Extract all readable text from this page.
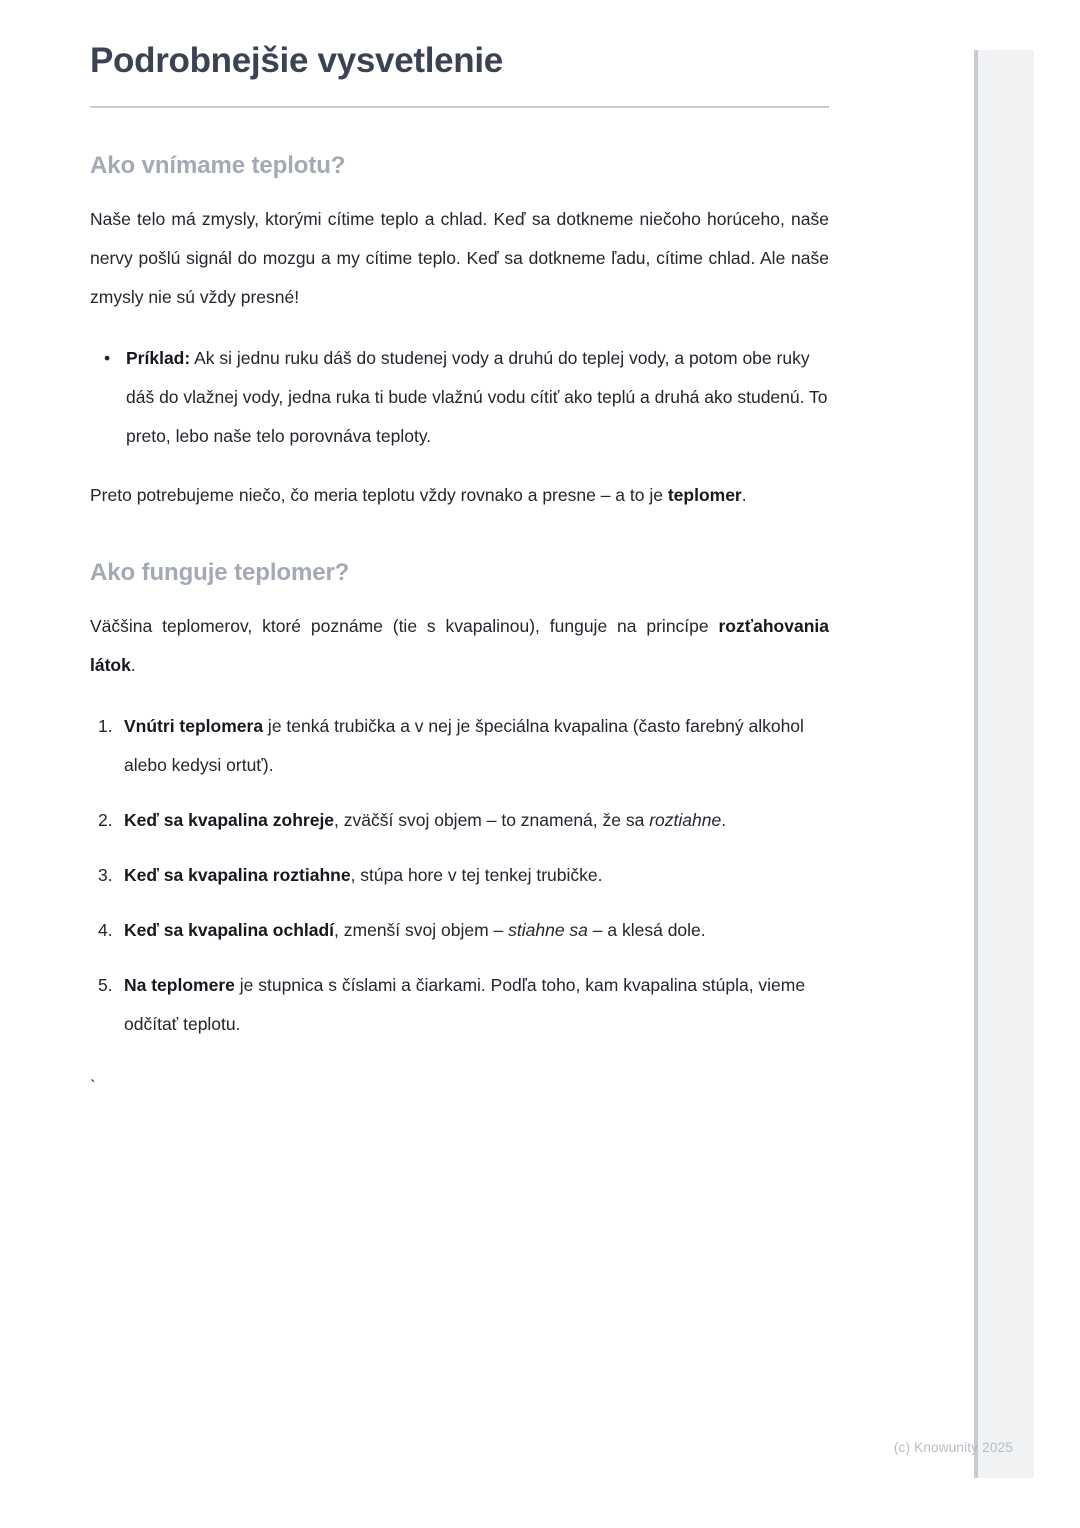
Podrobnejšie vysvetlenie
Ako vnímame teplotu?

Naše telo má zmysly, ktorými cítime teplo a chlad. Keď sa dotkneme niečoho horúceho, naše nervy pošlú signál do mozgu a my cítime teplo. Keď sa dotkneme ľadu, cítime chlad. Ale naše zmysly nie sú vždy presné!

• Príklad: Ak si jednu ruku dáš do studenej vody a druhú do teplej vody, a potom obe ruky dáš do vlažnej vody, jedna ruka ti bude vlažnú vodu cítiť ako teplú a druhá ako studenú. To preto, lebo naše telo porovnáva teploty.

Preto potrebujeme niečo, čo meria teplotu vždy rovnako a presne – a to je teplomer.

Ako funguje teplomer?

Väčšina teplomerov, ktoré poznáme (tie s kvapalinou), funguje na princípe rozťahovania látok.

Vnútri teplomera je tenká trubička a v nej je špeciálna kvapalina (často farebný alkohol alebo kedysi ortuť).
Keď sa kvapalina zohreje, zväčší svoj objem – to znamená, že sa roztiahne.
Keď sa kvapalina roztiahne, stúpa hore v tej tenkej trubičke.
Keď sa kvapalina ochladí, zmenší svoj objem – stiahne sa – a klesá dole.
Na teplomere je stupnica s číslami a čiarkami. Podľa toho, kam kvapalina stúpla, vieme odčítať teplotu.

`

(c) Knowunity 2025
